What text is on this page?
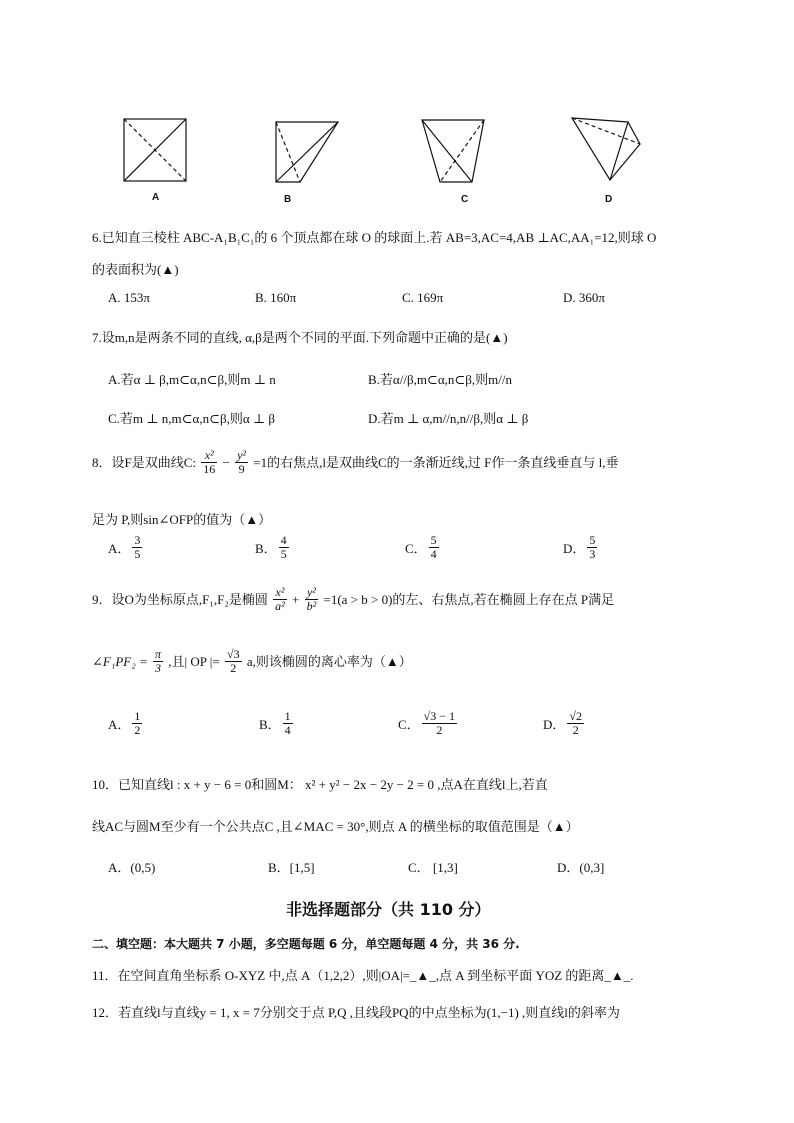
A	B	C	D
6.已知直三棱柱 ABC-A₁B₁C₁的 6 个顶点都在球 O 的球面上.若 AB=3,AC=4,AB ⊥AC,AA₁=12,则球 O
的表面积为(▲)
A. 153π	B. 160π	C. 169π	D. 360π
7.设m,n是两条不同的直线, α,β是两个不同的平面.下列命题中正确的是(▲)
A.若α ⊥ β,m⊂α,n⊂β,则m ⊥ n	B.若α//β,m⊂α,n⊂β,则m//n
C.若m ⊥ n,m⊂α,n⊂β,则α ⊥ β	D.若m ⊥ α,m//n,n//β,则α ⊥ β
8．设F是双曲线C: $\frac{\text{x²}}{16} - \frac{\text{y²}}{9} =1$的右焦点,l是双曲线C的一条渐近线,过 F作一条直线垂直与 l,垂
足为 P,则sin∠OFP的值为（▲）
A． $\frac{3}{5}$	B． $\frac{4}{5}$	C． $\frac{5}{4}$	D． $\frac{5}{3}$
9．设O为坐标原点,F₁,F₂是椭圆 $\frac{\text{x²}}{\text{a²}} + \frac{\text{y²}}{\text{b²}} =1(a > b > 0)$的左、右焦点,若在椭圆上存在点 P满足
∠F₁PF₂ = $\frac{\pi}{3}$ ,且| OP |= $\frac{√3}{2} a$,则该椭圆的离心率为（▲）
A． $\frac{1}{2}$	B． $\frac{1}{4}$	C． $\frac{√3 - 1}{2}$	D． $\frac{√2}{2}$
10．已知直线l : x + y − 6 = 0和圆M： x² + y² − 2x − 2y − 2 = 0 ,点A在直线l上,若直
线AC与圆M至少有一个公共点C ,且∠MAC = 30°,则点 A 的横坐标的取值范围是（▲）
A．(0,5)	B．[1,5]	C． [1,3]	D．(0,3]
非选择题部分（共 110 分）
二、填空题：本大题共 7 小题，多空题每题 6 分，单空题每题 4 分，共 36 分.
11．在空间直角坐标系 O-XYZ 中,点 A（1,2,2）,则|OA|=_▲_,点 A 到坐标平面 YOZ 的距离_▲_.
12．若直线l与直线y = 1, x = 7分别交于点 P,Q ,且线段PQ的中点坐标为(1,−1) ,则直线l的斜率为
